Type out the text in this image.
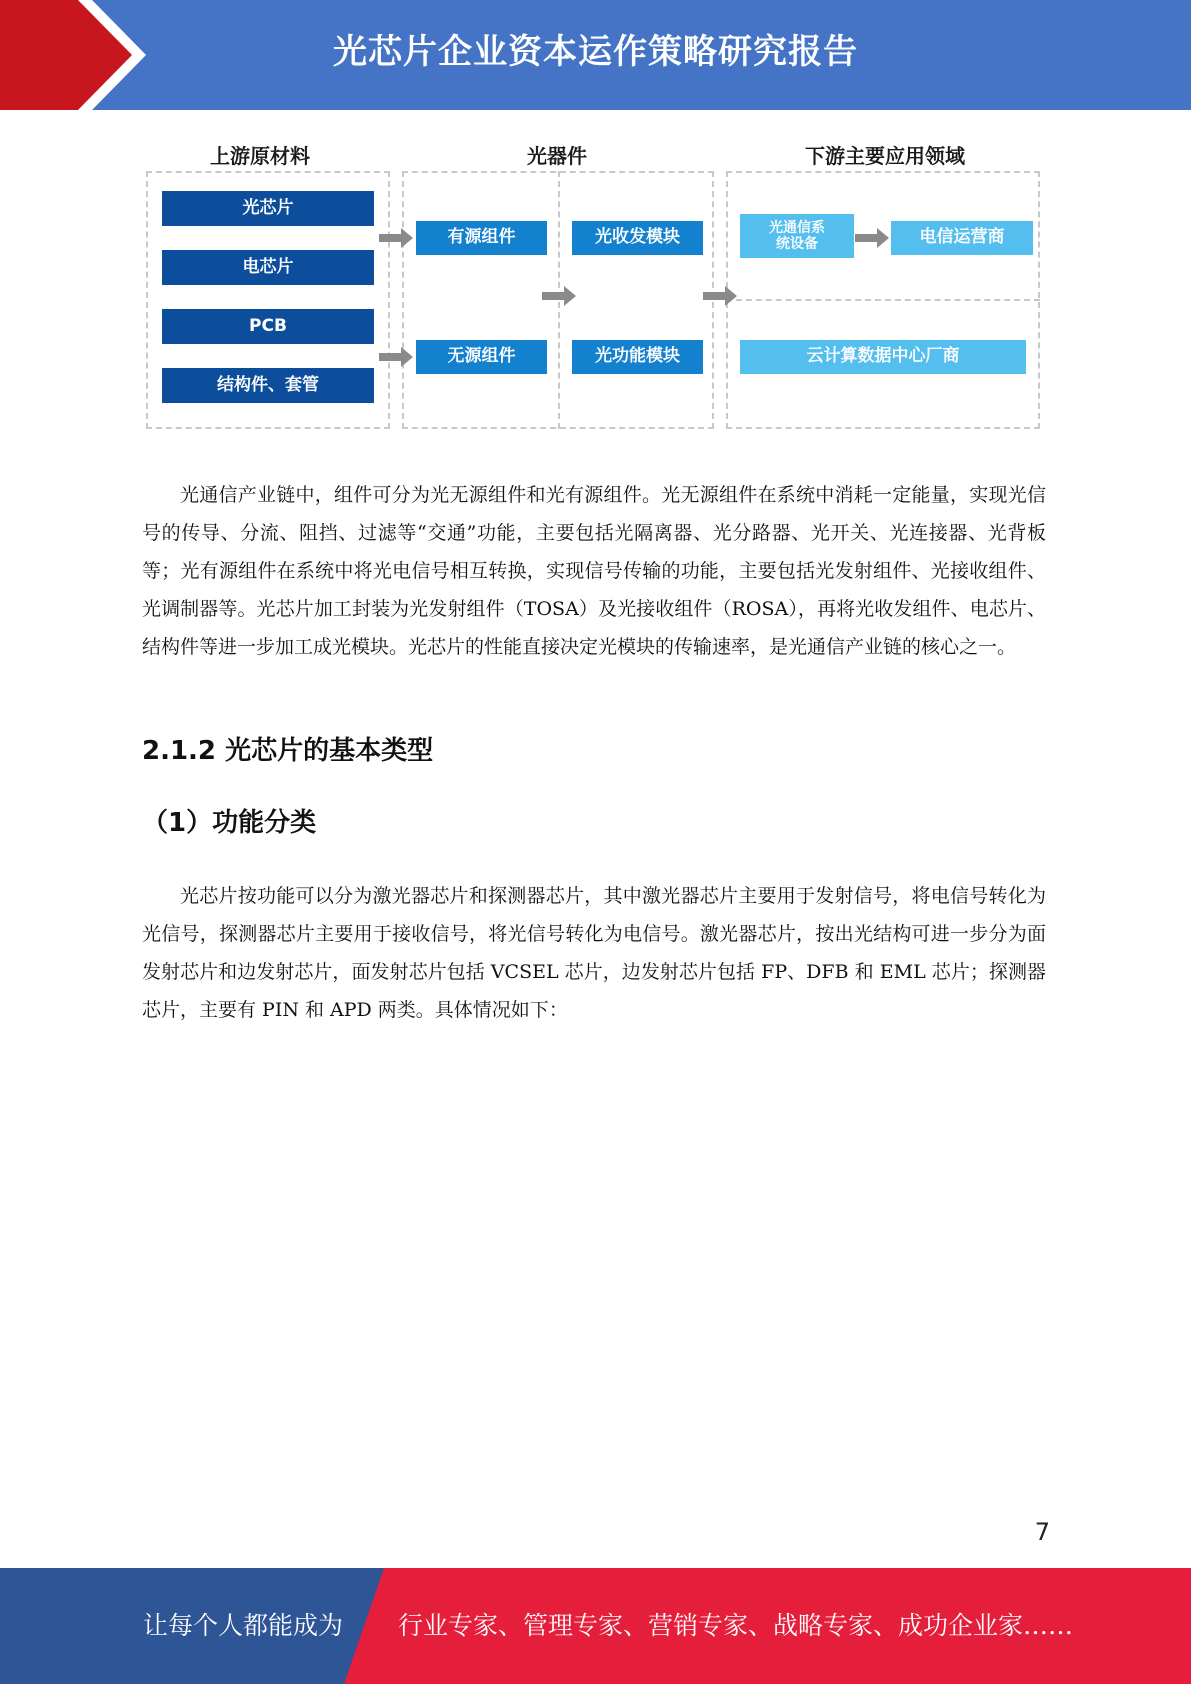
光芯片企业资本运作策略研究报告
上游原材料	光器件	下游主要应用领域
光芯片
电芯片
PCB
结构件、套管
有源组件
无源组件
光收发模块
光功能模块
光通信系统设备	电信运营商
云计算数据中心厂商

光通信产业链中，组件可分为光无源组件和光有源组件。光无源组件在系统中消耗一定能量，实现光信号的传导、分流、阻挡、过滤等“交通”功能，主要包括光隔离器、光分路器、光开关、光连接器、光背板等；光有源组件在系统中将光电信号相互转换，实现信号传输的功能，主要包括光发射组件、光接收组件、光调制器等。光芯片加工封装为光发射组件（TOSA）及光接收组件（ROSA），再将光收发组件、电芯片、结构件等进一步加工成光模块。光芯片的性能直接决定光模块的传输速率，是光通信产业链的核心之一。

2.1.2 光芯片的基本类型
（1）功能分类

光芯片按功能可以分为激光器芯片和探测器芯片，其中激光器芯片主要用于发射信号，将电信号转化为光信号，探测器芯片主要用于接收信号，将光信号转化为电信号。激光器芯片，按出光结构可进一步分为面发射芯片和边发射芯片，面发射芯片包括 VCSEL 芯片，边发射芯片包括 FP、DFB 和 EML 芯片；探测器芯片，主要有 PIN 和 APD 两类。具体情况如下：

7
让每个人都能成为 行业专家、管理专家、营销专家、战略专家、成功企业家……
